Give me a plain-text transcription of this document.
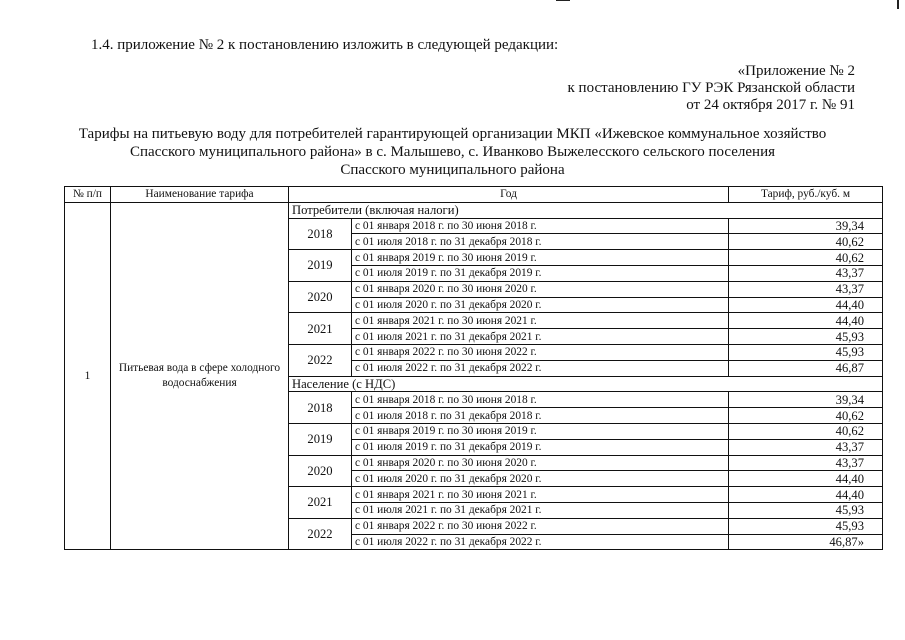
1.4. приложение № 2 к постановлению изложить в следующей редакции:
«Приложение № 2
к постановлению ГУ РЭК Рязанской области
от 24 октября 2017 г. № 91
Тарифы на питьевую воду для потребителей гарантирующей организации МКП «Ижевское коммунальное хозяйство
Спасского муниципального района» в с. Малышево, с. Иванково Выжелесского сельского поселения
Спасского муниципального района
№ п/п	Наименование тарифа	Год		Тариф, руб./куб. м
1	Питьевая вода в сфере холодного водоснабжения	Потребители (включая налоги)		
		2018	с 01 января 2018 г. по 30 июня 2018 г.	39,34
			с 01 июля 2018 г. по 31 декабря 2018 г.	40,62
		2019	с 01 января 2019 г. по 30 июня 2019 г.	40,62
			с 01 июля 2019 г. по 31 декабря 2019 г.	43,37
		2020	с 01 января 2020 г. по 30 июня 2020 г.	43,37
			с 01 июля 2020 г. по 31 декабря 2020 г.	44,40
		2021	с 01 января 2021 г. по 30 июня 2021 г.	44,40
			с 01 июля 2021 г. по 31 декабря 2021 г.	45,93
		2022	с 01 января 2022 г. по 30 июня 2022 г.	45,93
			с 01 июля 2022 г. по 31 декабря 2022 г.	46,87
		Население (с НДС)		
		2018	с 01 января 2018 г. по 30 июня 2018 г.	39,34
			с 01 июля 2018 г. по 31 декабря 2018 г.	40,62
		2019	с 01 января 2019 г. по 30 июня 2019 г.	40,62
			с 01 июля 2019 г. по 31 декабря 2019 г.	43,37
		2020	с 01 января 2020 г. по 30 июня 2020 г.	43,37
			с 01 июля 2020 г. по 31 декабря 2020 г.	44,40
		2021	с 01 января 2021 г. по 30 июня 2021 г.	44,40
			с 01 июля 2021 г. по 31 декабря 2021 г.	45,93
		2022	с 01 января 2022 г. по 30 июня 2022 г.	45,93
			с 01 июля 2022 г. по 31 декабря 2022 г.	46,87»
